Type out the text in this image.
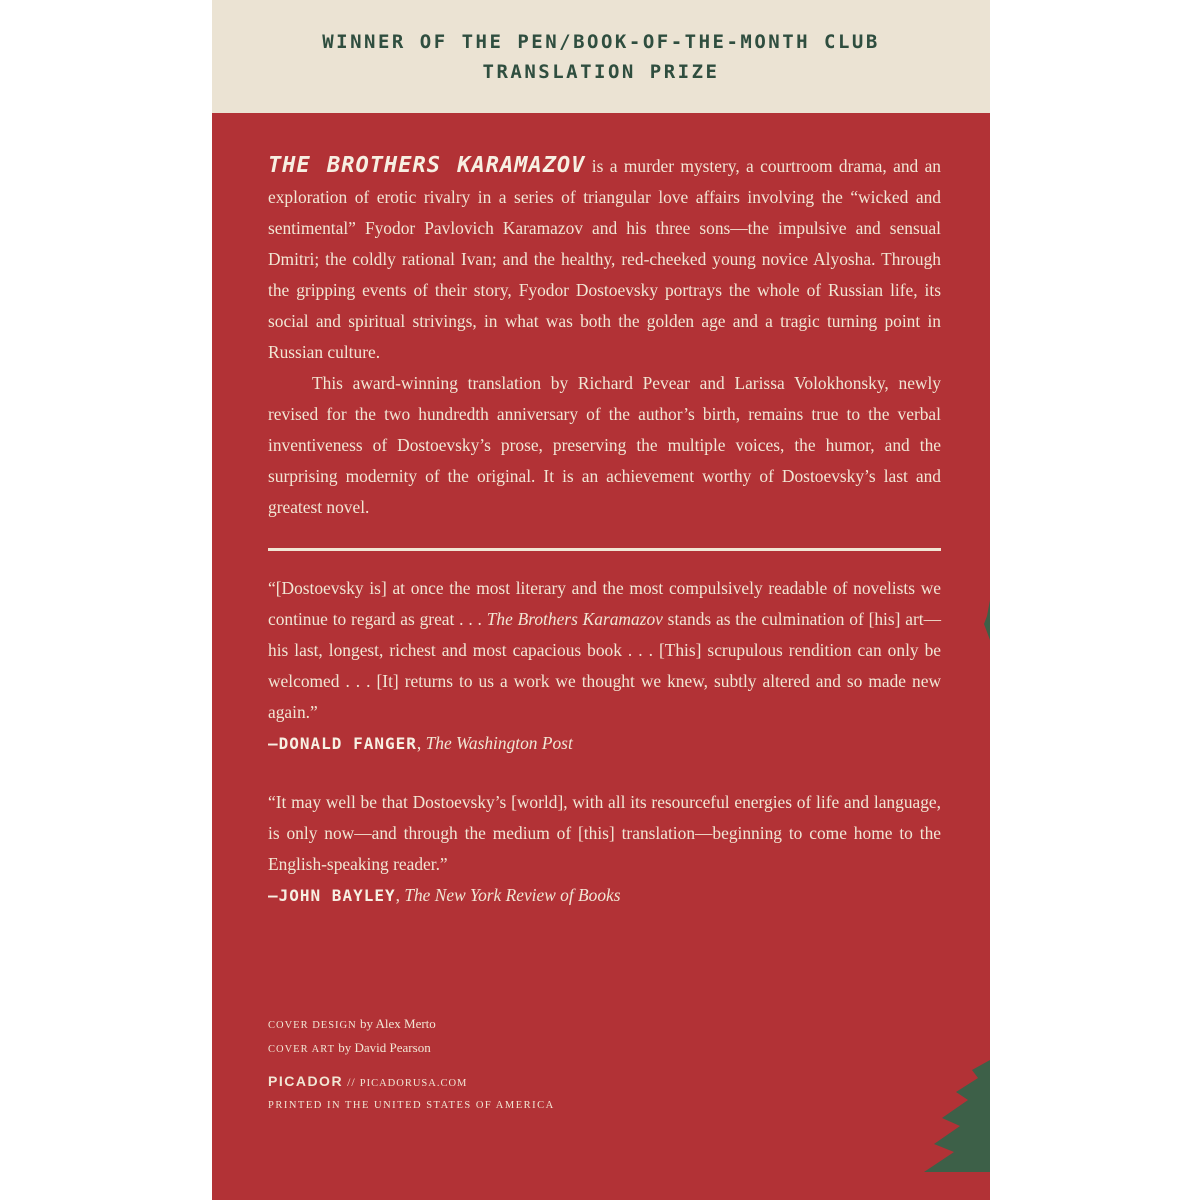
WINNER OF THE PEN/BOOK-OF-THE-MONTH CLUB
TRANSLATION PRIZE

THE BROTHERS KARAMAZOV is a murder mystery, a courtroom drama, and an exploration of erotic rivalry in a series of triangular love affairs involving the “wicked and sentimental” Fyodor Pavlovich Karamazov and his three sons—the impulsive and sensual Dmitri; the coldly rational Ivan; and the healthy, red-cheeked young novice Alyosha. Through the gripping events of their story, Fyodor Dostoevsky portrays the whole of Russian life, its social and spiritual strivings, in what was both the golden age and a tragic turning point in Russian culture.

This award-winning translation by Richard Pevear and Larissa Volokhonsky, newly revised for the two hundredth anniversary of the author’s birth, remains true to the verbal inventiveness of Dostoevsky’s prose, preserving the multiple voices, the humor, and the surprising modernity of the original. It is an achievement worthy of Dostoevsky’s last and greatest novel.

“[Dostoevsky is] at once the most literary and the most compulsively readable of novelists we continue to regard as great . . . The Brothers Karamazov stands as the culmination of [his] art—his last, longest, richest and most capacious book . . . [This] scrupulous rendition can only be welcomed . . . [It] returns to us a work we thought we knew, subtly altered and so made new again.”

—DONALD FANGER, The Washington Post

“It may well be that Dostoevsky’s [world], with all its resourceful energies of life and language, is only now—and through the medium of [this] translation—beginning to come home to the English-speaking reader.”

—JOHN BAYLEY, The New York Review of Books

COVER DESIGN by Alex Merto
COVER ART by David Pearson
PICADOR // PICADORUSA.COM
PRINTED IN THE UNITED STATES OF AMERICA
